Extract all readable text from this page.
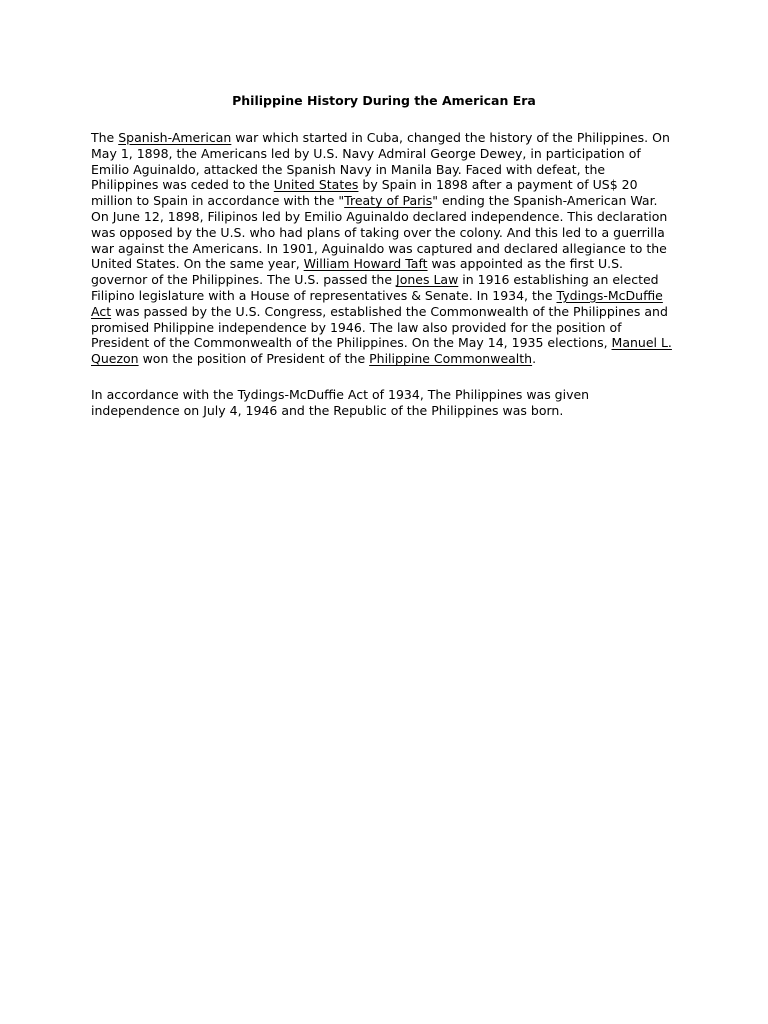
Philippine History During the American Era
The Spanish-American war which started in Cuba, changed the history of the Philippines. On
May 1, 1898, the Americans led by U.S. Navy Admiral George Dewey, in participation of
Emilio Aguinaldo, attacked the Spanish Navy in Manila Bay. Faced with defeat, the
Philippines was ceded to the United States by Spain in 1898 after a payment of US$ 20
million to Spain in accordance with the "Treaty of Paris" ending the Spanish-American War.
On June 12, 1898, Filipinos led by Emilio Aguinaldo declared independence. This declaration
was opposed by the U.S. who had plans of taking over the colony. And this led to a guerrilla
war against the Americans. In 1901, Aguinaldo was captured and declared allegiance to the
United States. On the same year, William Howard Taft was appointed as the first U.S.
governor of the Philippines. The U.S. passed the Jones Law in 1916 establishing an elected
Filipino legislature with a House of representatives & Senate. In 1934, the Tydings-McDuffie
Act was passed by the U.S. Congress, established the Commonwealth of the Philippines and
promised Philippine independence by 1946. The law also provided for the position of
President of the Commonwealth of the Philippines. On the May 14, 1935 elections, Manuel L.
Quezon won the position of President of the Philippine Commonwealth.
In accordance with the Tydings-McDuffie Act of 1934, The Philippines was given
independence on July 4, 1946 and the Republic of the Philippines was born.
